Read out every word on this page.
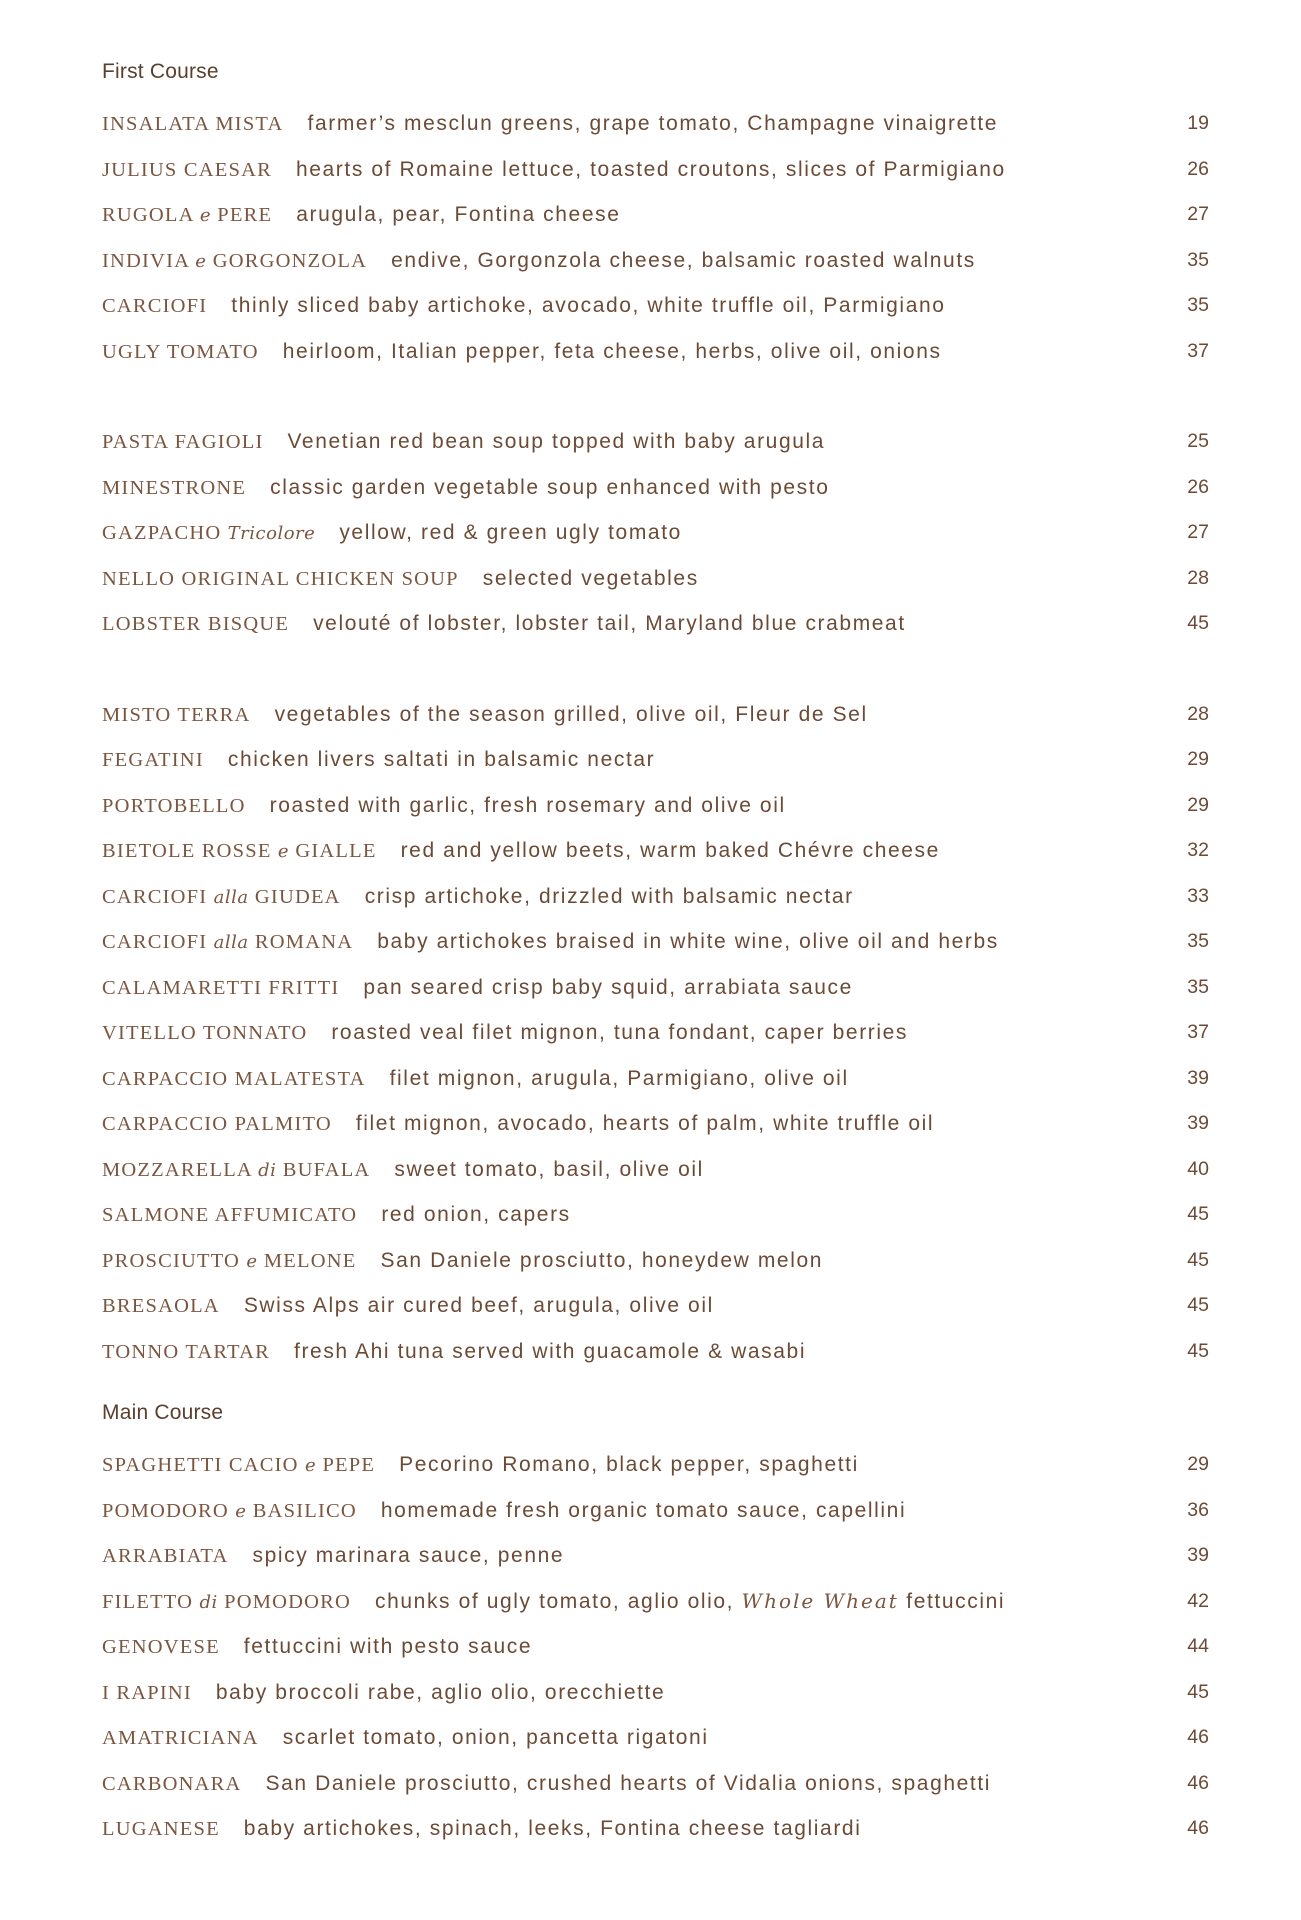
First Course
INSALATA MISTA farmer’s mesclun greens, grape tomato, Champagne vinaigrette	19
JULIUS CAESAR hearts of Romaine lettuce, toasted croutons, slices of Parmigiano	26
RUGOLA e PERE arugula, pear, Fontina cheese	27
INDIVIA e GORGONZOLA endive, Gorgonzola cheese, balsamic roasted walnuts	35
CARCIOFI thinly sliced baby artichoke, avocado, white truffle oil, Parmigiano	35
UGLY TOMATO heirloom, Italian pepper, feta cheese, herbs, olive oil, onions	37
PASTA FAGIOLI Venetian red bean soup topped with baby arugula	25
MINESTRONE classic garden vegetable soup enhanced with pesto	26
GAZPACHO Tricolore yellow, red & green ugly tomato	27
NELLO ORIGINAL CHICKEN SOUP selected vegetables	28
LOBSTER BISQUE velouté of lobster, lobster tail, Maryland blue crabmeat	45
MISTO TERRA vegetables of the season grilled, olive oil, Fleur de Sel	28
FEGATINI chicken livers saltati in balsamic nectar	29
PORTOBELLO roasted with garlic, fresh rosemary and olive oil	29
BIETOLE ROSSE e GIALLE red and yellow beets, warm baked Chévre cheese	32
CARCIOFI alla GIUDEA crisp artichoke, drizzled with balsamic nectar	33
CARCIOFI alla ROMANA baby artichokes braised in white wine, olive oil and herbs	35
CALAMARETTI FRITTI pan seared crisp baby squid, arrabiata sauce	35
VITELLO TONNATO roasted veal filet mignon, tuna fondant, caper berries	37
CARPACCIO MALATESTA filet mignon, arugula, Parmigiano, olive oil	39
CARPACCIO PALMITO filet mignon, avocado, hearts of palm, white truffle oil	39
MOZZARELLA di BUFALA sweet tomato, basil, olive oil	40
SALMONE AFFUMICATO red onion, capers	45
PROSCIUTTO e MELONE San Daniele prosciutto, honeydew melon	45
BRESAOLA Swiss Alps air cured beef, arugula, olive oil	45
TONNO TARTAR fresh Ahi tuna served with guacamole & wasabi	45
Main Course
SPAGHETTI CACIO e PEPE Pecorino Romano, black pepper, spaghetti	29
POMODORO e BASILICO homemade fresh organic tomato sauce, capellini	36
ARRABIATA spicy marinara sauce, penne	39
FILETTO di POMODORO chunks of ugly tomato, aglio olio, Whole Wheat fettuccini	42
GENOVESE fettuccini with pesto sauce	44
I RAPINI baby broccoli rabe, aglio olio, orecchiette	45
AMATRICIANA scarlet tomato, onion, pancetta rigatoni	46
CARBONARA San Daniele prosciutto, crushed hearts of Vidalia onions, spaghetti	46
LUGANESE baby artichokes, spinach, leeks, Fontina cheese tagliardi	46
